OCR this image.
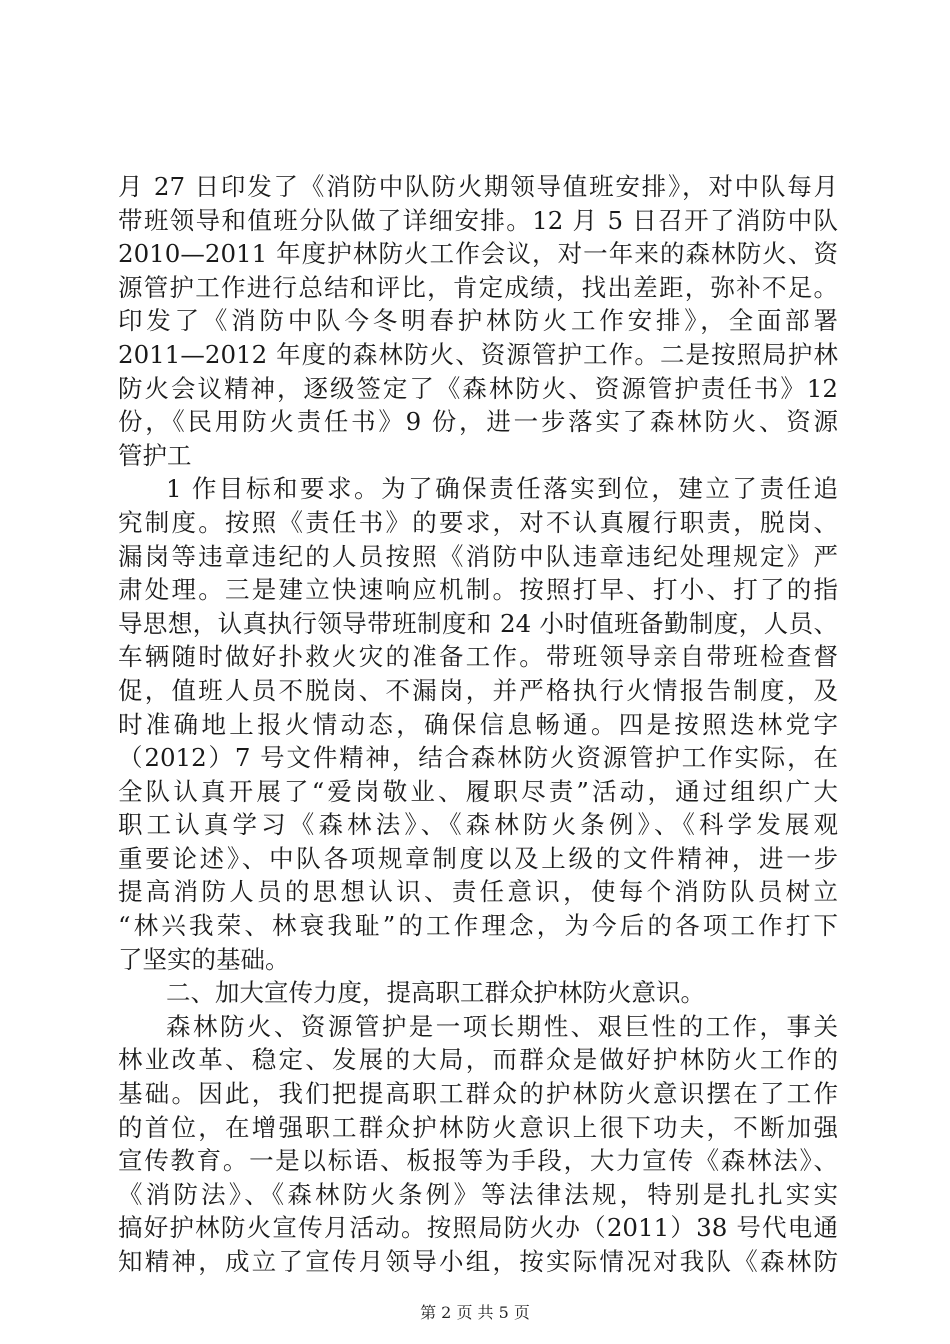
月 27 日印发了《消防中队防火期领导值班安排》，对中队每月
带班领导和值班分队做了详细安排。12 月 5 日召开了消防中队
2010—2011 年度护林防火工作会议，对一年来的森林防火、资
源管护工作进行总结和评比，肯定成绩，找出差距，弥补不足。
印发了《消防中队今冬明春护林防火工作安排》，全面部署
2011—2012 年度的森林防火、资源管护工作。二是按照局护林
防火会议精神，逐级签定了《森林防火、资源管护责任书》12
份，《民用防火责任书》9 份，进一步落实了森林防火、资源
管护工
1 作目标和要求。为了确保责任落实到位，建立了责任追
究制度。按照《责任书》的要求，对不认真履行职责，脱岗、
漏岗等违章违纪的人员按照《消防中队违章违纪处理规定》严
肃处理。三是建立快速响应机制。按照打早、打小、打了的指
导思想，认真执行领导带班制度和 24 小时值班备勤制度，人员、
车辆随时做好扑救火灾的准备工作。带班领导亲自带班检查督
促，值班人员不脱岗、不漏岗，并严格执行火情报告制度，及
时准确地上报火情动态，确保信息畅通。四是按照迭林党字
（2012）7 号文件精神，结合森林防火资源管护工作实际，在
全队认真开展了“爱岗敬业、履职尽责”活动，通过组织广大
职工认真学习《森林法》、《森林防火条例》、《科学发展观
重要论述》、中队各项规章制度以及上级的文件精神，进一步
提高消防人员的思想认识、责任意识，使每个消防队员树立
“林兴我荣、林衰我耻”的工作理念，为今后的各项工作打下
了坚实的基础。
二、加大宣传力度，提高职工群众护林防火意识。
森林防火、资源管护是一项长期性、艰巨性的工作，事关
林业改革、稳定、发展的大局，而群众是做好护林防火工作的
基础。因此，我们把提高职工群众的护林防火意识摆在了工作
的首位，在增强职工群众护林防火意识上很下功夫，不断加强
宣传教育。一是以标语、板报等为手段，大力宣传《森林法》、
《消防法》、《森林防火条例》等法律法规，特别是扎扎实实
搞好护林防火宣传月活动。按照局防火办（2011）38 号代电通
知精神，成立了宣传月领导小组，按实际情况对我队《森林防
第 2 页 共 5 页
